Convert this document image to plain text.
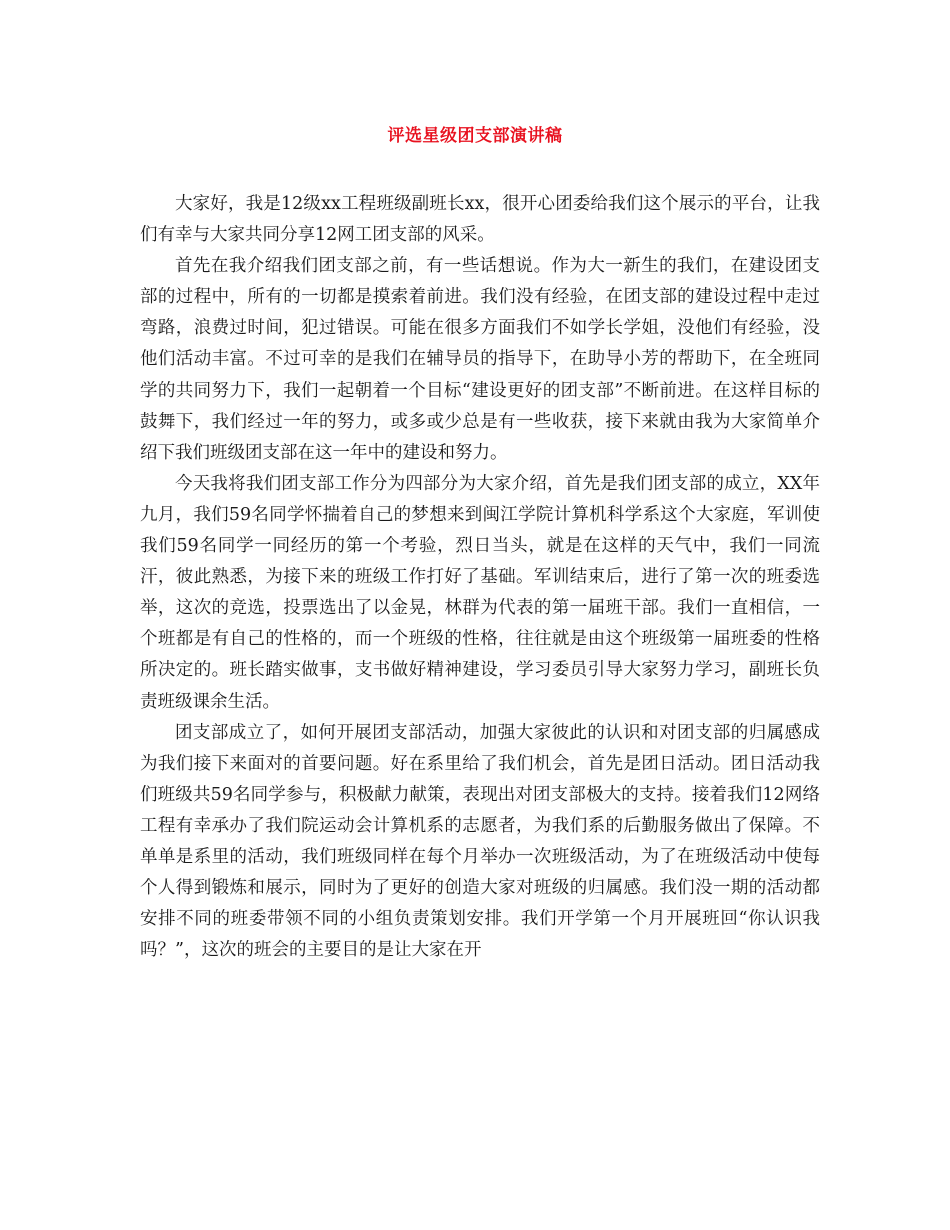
评选星级团支部演讲稿

大家好，我是12级xx工程班级副班长xx，很开心团委给我们这个展示的平台，让我们有幸与大家共同分享12网工团支部的风采。

首先在我介绍我们团支部之前，有一些话想说。作为大一新生的我们，在建设团支部的过程中，所有的一切都是摸索着前进。我们没有经验，在团支部的建设过程中走过弯路，浪费过时间，犯过错误。可能在很多方面我们不如学长学姐，没他们有经验，没他们活动丰富。不过可幸的是我们在辅导员的指导下，在助导小芳的帮助下，在全班同学的共同努力下，我们一起朝着一个目标“建设更好的团支部”不断前进。在这样目标的鼓舞下，我们经过一年的努力，或多或少总是有一些收获，接下来就由我为大家简单介绍下我们班级团支部在这一年中的建设和努力。

今天我将我们团支部工作分为四部分为大家介绍，首先是我们团支部的成立，XX年九月，我们59名同学怀揣着自己的梦想来到闽江学院计算机科学系这个大家庭，军训使我们59名同学一同经历的第一个考验，烈日当头，就是在这样的天气中，我们一同流汗，彼此熟悉，为接下来的班级工作打好了基础。军训结束后，进行了第一次的班委选举，这次的竞选，投票选出了以金晃，林群为代表的第一届班干部。我们一直相信，一个班都是有自己的性格的，而一个班级的性格，往往就是由这个班级第一届班委的性格所决定的。班长踏实做事，支书做好精神建设，学习委员引导大家努力学习，副班长负责班级课余生活。

团支部成立了，如何开展团支部活动，加强大家彼此的认识和对团支部的归属感成为我们接下来面对的首要问题。好在系里给了我们机会，首先是团日活动。团日活动我们班级共59名同学参与，积极献力献策，表现出对团支部极大的支持。接着我们12网络工程有幸承办了我们院运动会计算机系的志愿者，为我们系的后勤服务做出了保障。不单单是系里的活动，我们班级同样在每个月举办一次班级活动，为了在班级活动中使每个人得到锻炼和展示，同时为了更好的创造大家对班级的归属感。我们没一期的活动都安排不同的班委带领不同的小组负责策划安排。我们开学第一个月开展班回“你认识我吗？”，这次的班会的主要目的是让大家在开
